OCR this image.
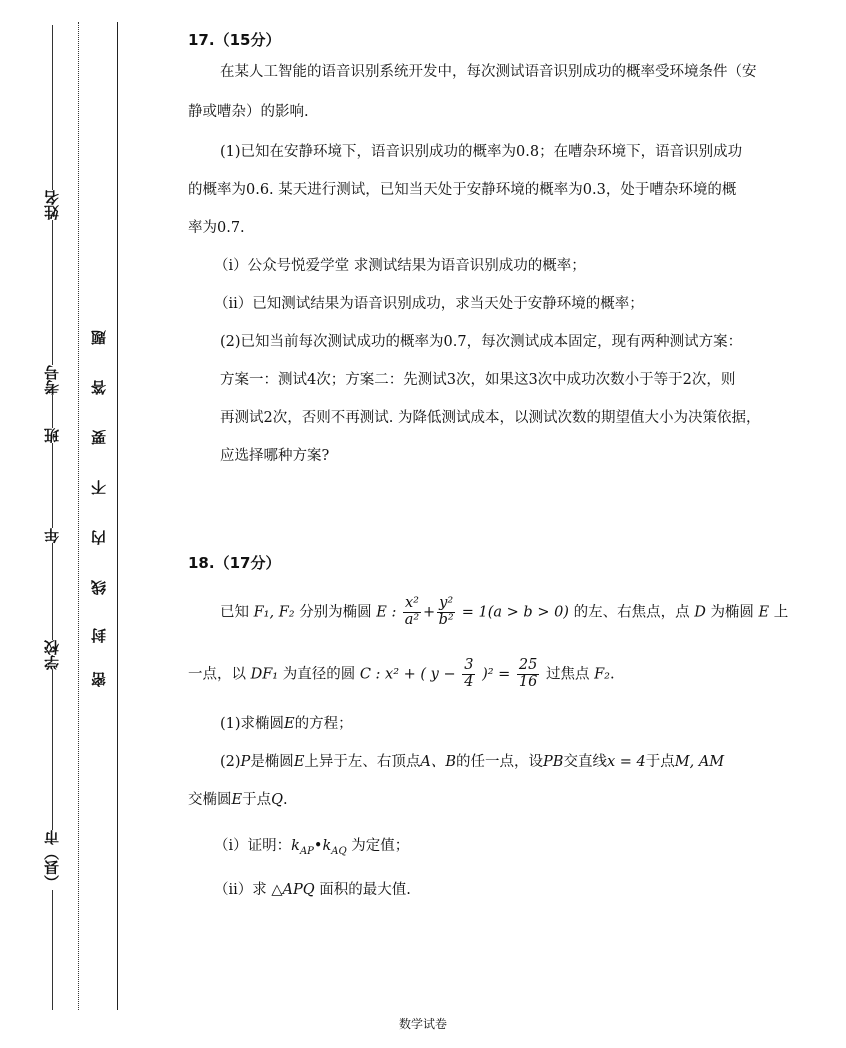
姓名
考号
班
年
学校
（县）市
密
封
线
内
不
要
答
题
17.（15分）
在某人工智能的语音识别系统开发中，每次测试语音识别成功的概率受环境条件（安
静或嘈杂）的影响.
(1)已知在安静环境下，语音识别成功的概率为0.8；在嘈杂环境下，语音识别成功
的概率为0.6. 某天进行测试，已知当天处于安静环境的概率为0.3，处于嘈杂环境的概
率为0.7.
（i）公众号悦爱学堂 求测试结果为语音识别成功的概率；
（ii）已知测试结果为语音识别成功，求当天处于安静环境的概率；
(2)已知当前每次测试成功的概率为0.7，每次测试成本固定，现有两种测试方案：
方案一：测试4次；方案二：先测试3次，如果这3次中成功次数小于等于2次，则
再测试2次，否则不再测试. 为降低测试成本，以测试次数的期望值大小为决策依据，
应选择哪种方案?
18.（17分）
已知 F₁, F₂ 分别为椭圆 E : $\frac{\text{x²}}{\text{a²}} + \frac{\text{y²}}{\text{b²}} = 1(a > b > 0)$ 的左、右焦点，点 D 为椭圆 E 上
一点，以 DF₁ 为直径的圆 C : x² + ( $y - \frac{3}{4} )^2 = \frac{25}{16}$ 过焦点 F₂.
(1)求椭圆E的方程；
(2)P是椭圆E上异于左、右顶点A、B的任一点，设PB交直线x = 4于点M, AM
交椭圆E于点Q.
（i）证明：$k_{AP}•k_{AQ}$ 为定值；
（ii）求 △APQ 面积的最大值.
数学试卷
